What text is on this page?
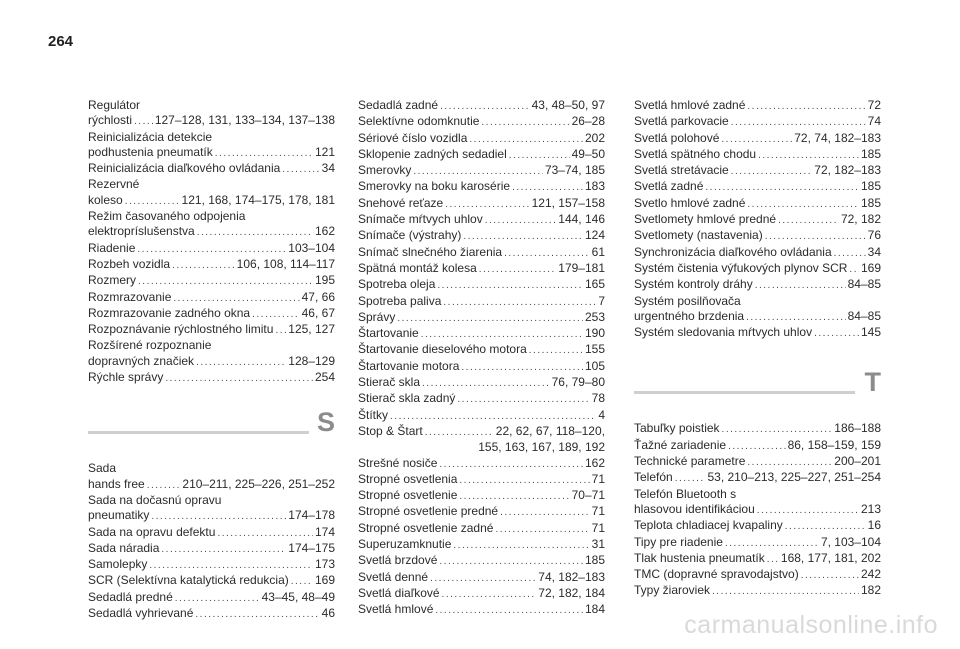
264
Regulátor
rýchlosti ..... 127–128, 131, 133–134, 137–138
Reinicializácia detekcie
podhustenia pneumatík .....	121
Reinicializácia diaľkového ovládania .....	34
Rezervné
koleso .....	121, 168, 174–175, 178, 181
Režim časovaného odpojenia
elektropríslušenstva .....	162
Riadenie .....	103–104
Rozbeh vozidla .....	106, 108, 114–117
Rozmery .....	195
Rozmrazovanie .....	47, 66
Rozmrazovanie zadného okna .....	46, 67
Rozpoznávanie rýchlostného limitu ..... 125, 127
Rozšírené rozpoznanie
dopravných značiek .....	128–129
Rýchle správy .....	254
S
Sada
hands free .....	210–211, 225–226, 251–252
Sada na dočasnú opravu
pneumatiky .....	174–178
Sada na opravu defektu .....	174
Sada náradia .....	174–175
Samolepky .....	173
SCR (Selektívna katalytická redukcia) ..... 169
Sedadlá predné .....	43–45, 48–49
Sedadlá vyhrievané .....	46
Sedadlá zadné .....	43, 48–50, 97
Selektívne odomknutie .....	26–28
Sériové číslo vozidla .....	202
Sklopenie zadných sedadiel .....	49–50
Smerovky .....	73–74, 185
Smerovky na boku karosérie .....	183
Snehové reťaze .....	121, 157–158
Snímače mŕtvych uhlov .....	144, 146
Snímače (výstrahy) .....	124
Snímač slnečného žiarenia .....	61
Spätná montáž kolesa .....	179–181
Spotreba oleja .....	165
Spotreba paliva .....	7
Správy .....	253
Štartovanie .....	190
Štartovanie dieselového motora .....	155
Štartovanie motora .....	105
Stierač skla .....	76, 79–80
Stierač skla zadný .....	78
Štítky .....	4
Stop & Štart .....	22, 62, 67, 118–120,
155, 163, 167, 189, 192
Strešné nosiče .....	162
Stropné osvetlenia .....	71
Stropné osvetlenie .....	70–71
Stropné osvetlenie predné .....	71
Stropné osvetlenie zadné .....	71
Superuzamknutie .....	31
Svetlá brzdové .....	185
Svetlá denné .....	74, 182–183
Svetlá diaľkové .....	72, 182, 184
Svetlá hmlové .....	184
Svetlá hmlové zadné .....	72
Svetlá parkovacie .....	74
Svetlá polohové .....	72, 74, 182–183
Svetlá spätného chodu .....	185
Svetlá stretávacie .....	72, 182–183
Svetlá zadné .....	185
Svetlo hmlové zadné .....	185
Svetlomety hmlové predné .....	72, 182
Svetlomety (nastavenia) .....	76
Synchronizácia diaľkového ovládania .....	34
Systém čistenia výfukových plynov SCR ..... 169
Systém kontroly dráhy .....	84–85
Systém posilňovača
urgentného brzdenia .....	84–85
Systém sledovania mŕtvych uhlov .....	145
T
Tabuľky poistiek .....	186–188
Ťažné zariadenie .....	86, 158–159, 159
Technické parametre .....	200–201
Telefón .....	53, 210–213, 225–227, 251–254
Telefón Bluetooth s
hlasovou identifikáciou .....	213
Teplota chladiacej kvapaliny .....	16
Tipy pre riadenie .....	7, 103–104
Tlak hustenia pneumatík ..... 168, 177, 181, 202
TMC (dopravné spravodajstvo) .....	242
Typy žiaroviek .....	182
carmanualsonline.info
